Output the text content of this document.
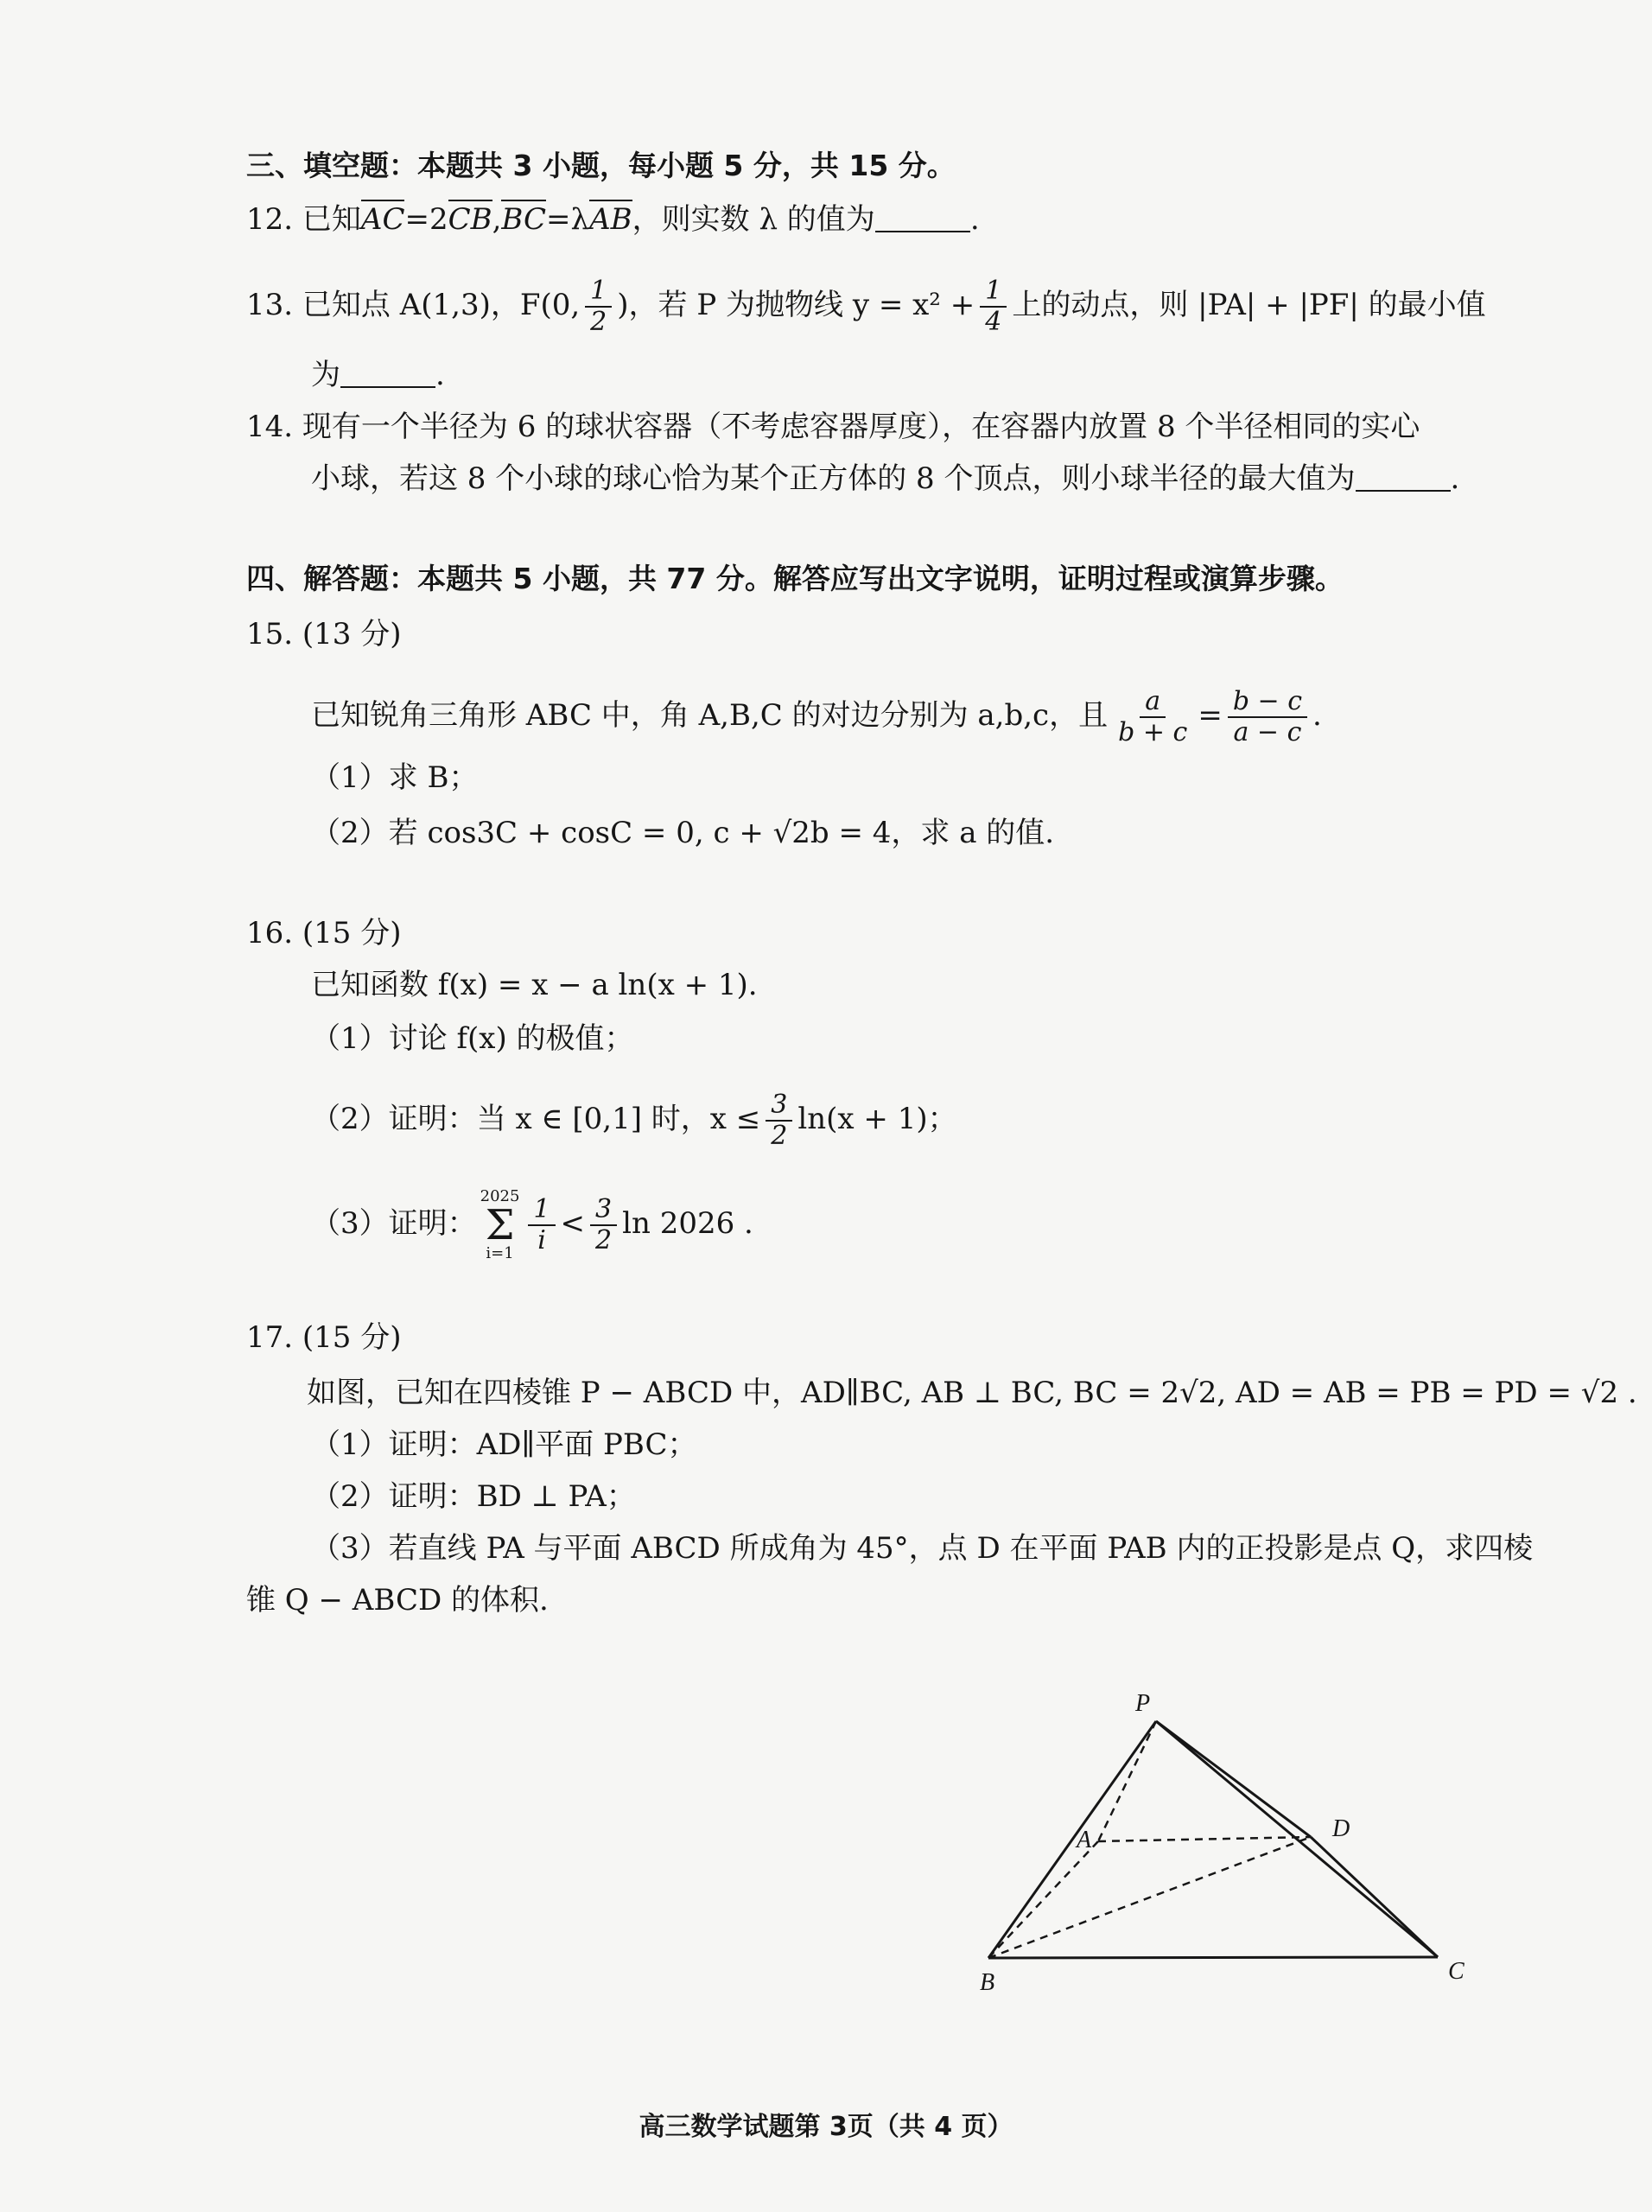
三、填空题：本题共 3 小题，每小题 5 分，共 15 分。
12. 已知AC=2CB,BC=λAB，则实数 λ 的值为	.
13. 已知点 A(1,3)，F(0, $\frac{1}{2}$ )，若 P 为抛物线 $y = x^2 + \frac{1}{4}$ 上的动点，则 |PA| + |PF| 的最小值
为	.
14. 现有一个半径为 6 的球状容器（不考虑容器厚度），在容器内放置 8 个半径相同的实心
小球，若这 8 个小球的球心恰为某个正方体的 8 个顶点，则小球半径的最大值为	.
四、解答题：本题共 5 小题，共 77 分。解答应写出文字说明，证明过程或演算步骤。
15. (13 分)
已知锐角三角形 ABC 中，角 A,B,C 的对边分别为 a,b,c，且 $\frac{a}{b + c} = \frac{b - c}{a - c}$ .
（1）求 B；
（2）若 cos3C + cosC = 0, c + √2b = 4，求 a 的值.
16. (15 分)
已知函数 f(x) = x − a ln(x + 1).
（1）讨论 f(x) 的极值；
（2）证明：当 x ∈ [0,1] 时，$x \le \frac{3}{2} \ln(x + 1)$；
（3）证明：
2025
Σ
$i=1 \frac{1}{i} < \frac{3}{2}$ ln 2026 .
17. (15 分)
如图，已知在四棱锥 P − ABCD 中，AD∥BC, AB ⊥ BC, BC = 2√2, AD = AB = PB = PD = √2 .
（1）证明：AD∥平面 PBC；
（2）证明：BD ⊥ PA；
（3）若直线 PA 与平面 ABCD 所成角为 45°，点 D 在平面 PAB 内的正投影是点 Q，求四棱
锥 Q − ABCD 的体积.
P
A
B	C
D
高三数学试题第 3页（共 4 页）
